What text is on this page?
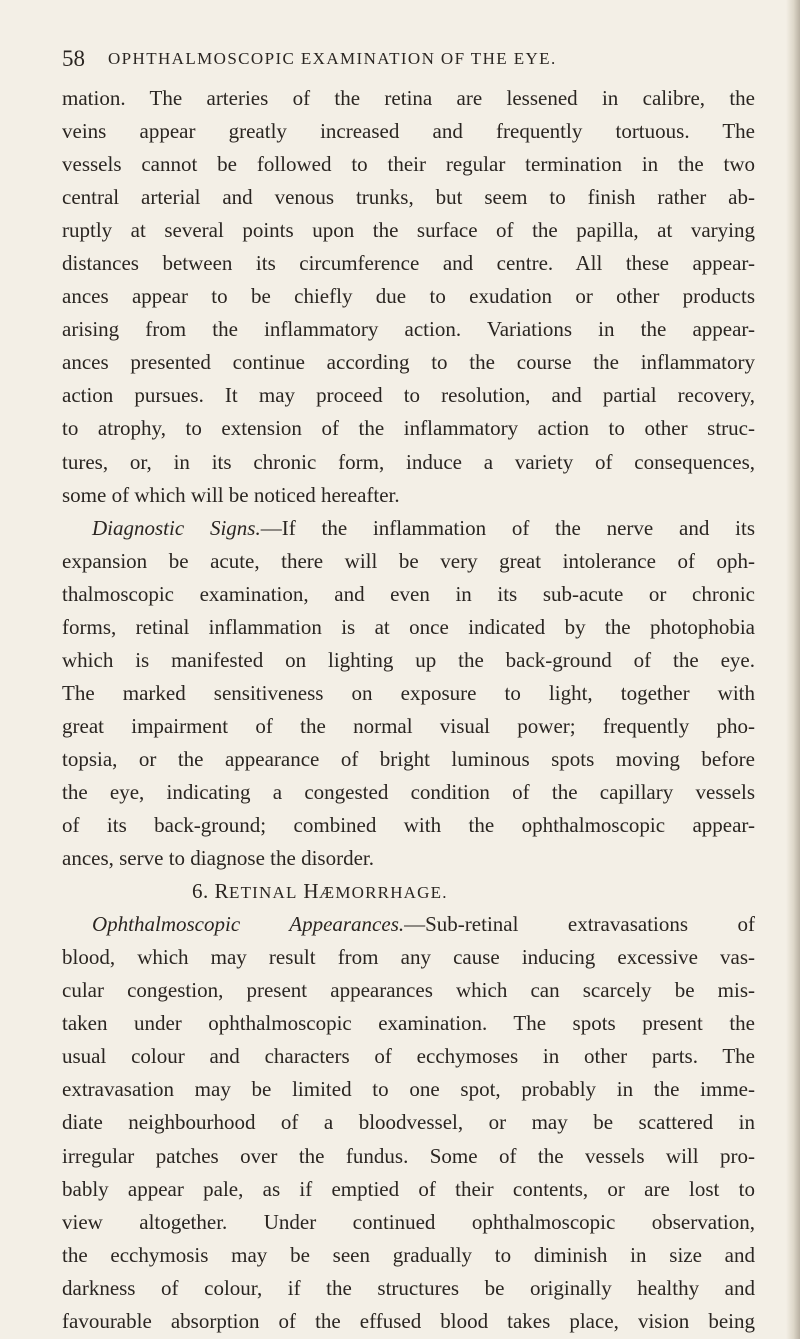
58 OPHTHALMOSCOPIC EXAMINATION OF THE EYE.
mation. The arteries of the retina are lessened in calibre, the
veins appear greatly increased and frequently tortuous. The
vessels cannot be followed to their regular termination in the two
central arterial and venous trunks, but seem to finish rather ab-
ruptly at several points upon the surface of the papilla, at varying
distances between its circumference and centre. All these appear-
ances appear to be chiefly due to exudation or other products
arising from the inflammatory action. Variations in the appear-
ances presented continue according to the course the inflammatory
action pursues. It may proceed to resolution, and partial recovery,
to atrophy, to extension of the inflammatory action to other struc-
tures, or, in its chronic form, induce a variety of consequences,
some of which will be noticed hereafter.
Diagnostic Signs.—If the inflammation of the nerve and its
expansion be acute, there will be very great intolerance of oph-
thalmoscopic examination, and even in its sub-acute or chronic
forms, retinal inflammation is at once indicated by the photophobia
which is manifested on lighting up the back-ground of the eye.
The marked sensitiveness on exposure to light, together with
great impairment of the normal visual power; frequently pho-
topsia, or the appearance of bright luminous spots moving before
the eye, indicating a congested condition of the capillary vessels
of its back-ground; combined with the ophthalmoscopic appear-
ances, serve to diagnose the disorder.
6. RETINAL HÆMORRHAGE.
Ophthalmoscopic Appearances.—Sub-retinal extravasations of
blood, which may result from any cause inducing excessive vas-
cular congestion, present appearances which can scarcely be mis-
taken under ophthalmoscopic examination. The spots present the
usual colour and characters of ecchymoses in other parts. The
extravasation may be limited to one spot, probably in the imme-
diate neighbourhood of a bloodvessel, or may be scattered in
irregular patches over the fundus. Some of the vessels will pro-
bably appear pale, as if emptied of their contents, or are lost to
view altogether. Under continued ophthalmoscopic observation,
the ecchymosis may be seen gradually to diminish in size and
darkness of colour, if the structures be originally healthy and
favourable absorption of the effused blood takes place, vision being
